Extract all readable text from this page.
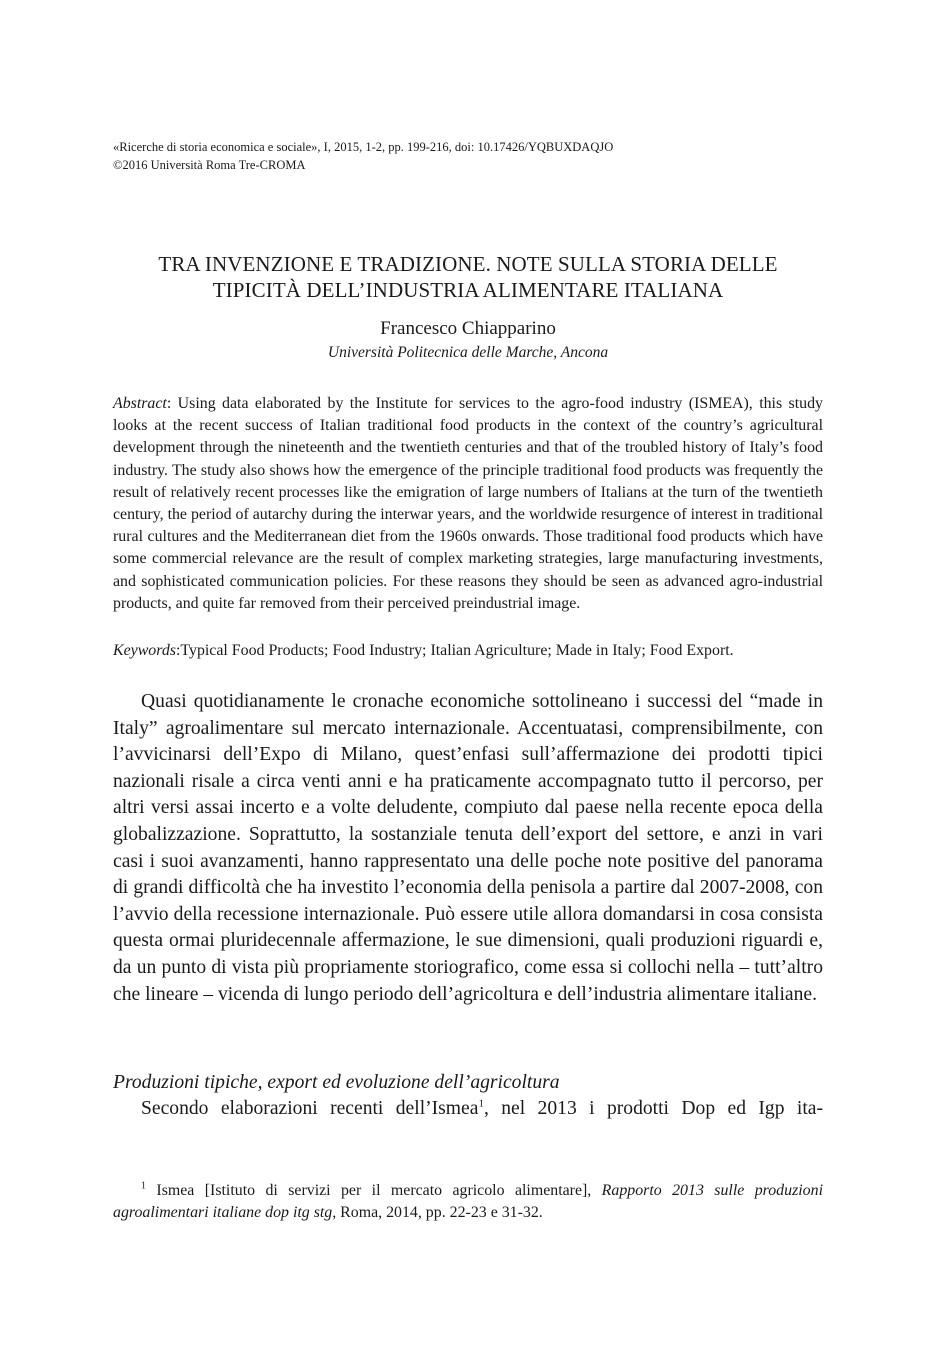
«Ricerche di storia economica e sociale», I, 2015, 1-2, pp. 199-216, doi: 10.17426/YQBUXDAQJO
©2016 Università Roma Tre-CROMA
TRA INVENZIONE E TRADIZIONE. NOTE SULLA STORIA DELLE
TIPICITÀ DELL’INDUSTRIA ALIMENTARE ITALIANA
Francesco Chiapparino
Università Politecnica delle Marche, Ancona

Abstract: Using data elaborated by the Institute for services to the agro-food industry (ISMEA), this study looks at the recent success of Italian traditional food products in the context of the country’s agricultural development through the nineteenth and the twentieth centuries and that of the troubled history of Italy’s food industry. The study also shows how the emergence of the principle traditional food products was frequently the result of relatively recent processes like the emigration of large numbers of Italians at the turn of the twentieth century, the period of autarchy during the interwar years, and the worldwide resurgence of interest in traditional rural cultures and the Mediterranean diet from the 1960s onwards. Those traditional food products which have some commercial relevance are the result of complex marketing strategies, large manufacturing investments, and sophisticated communication policies. For these reasons they should be seen as advanced agro-industrial products, and quite far removed from their perceived preindustrial image.

Keywords:Typical Food Products; Food Industry; Italian Agriculture; Made in Italy; Food Export.

Quasi quotidianamente le cronache economiche sottolineano i successi del “made in Italy” agroalimentare sul mercato internazionale. Accentuatasi, comprensibilmente, con l’avvicinarsi dell’Expo di Milano, quest’enfasi sull’affermazione dei prodotti tipici nazionali risale a circa venti anni e ha praticamente accompagnato tutto il percorso, per altri versi assai incerto e a volte deludente, compiuto dal paese nella recente epoca della globalizzazione. Soprattutto, la sostanziale tenuta dell’export del settore, e anzi in vari casi i suoi avanzamenti, hanno rappresentato una delle poche note positive del panorama di grandi difficoltà che ha investito l’economia della penisola a partire dal 2007-2008, con l’avvio della recessione internazionale. Può essere utile allora domandarsi in cosa consista questa ormai pluridecennale affermazione, le sue dimensioni, quali produzioni riguardi e, da un punto di vista più propriamente storiografico, come essa si collochi nella – tutt’altro che lineare – vicenda di lungo periodo dell’agricoltura e dell’industria alimentare italiane.

Produzioni tipiche, export ed evoluzione dell’agricoltura

Secondo elaborazioni recenti dell’Ismea$^1$, nel 2013 i prodotti Dop ed Igp ita-

$^1$ Ismea [Istituto di servizi per il mercato agricolo alimentare], Rapporto 2013 sulle produzioni agroalimentari italiane dop itg stg, Roma, 2014, pp. 22-23 e 31-32.
